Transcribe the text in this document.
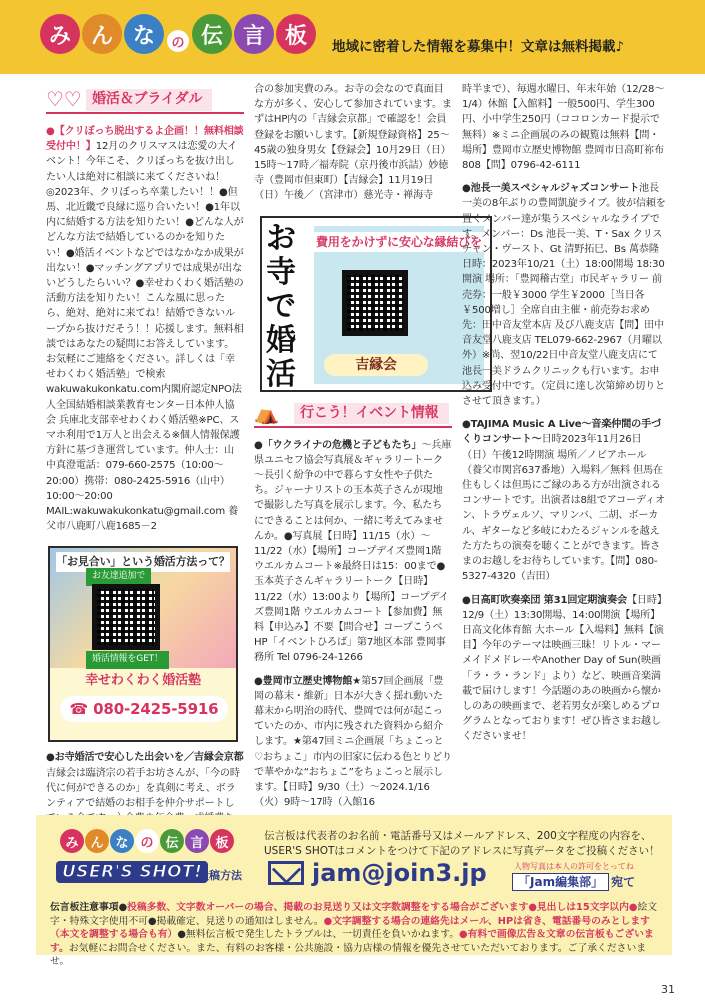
み ん な	の 伝 言 板	地域に密着した情報を募集中！文章は無料掲載♪
♡♡ 婚活＆ブライダル

●【クリぼっち脱出するよ企画！！無料相談受付中！】12月のクリスマスは恋愛の大イベント！今年こそ、クリぼっちを抜け出したい人は絶対に相談に来てくださいね！◎2023年、クリぼっち卒業したい！！●但馬、北近畿で良縁に巡り合いたい！●1年以内に結婚する方法を知りたい！●どんな人がどんな方法で結婚しているのかを知りたい！●婚活イベントなどではなかなか成果が出ない！●マッチングアプリでは成果が出ないどうしたらいい？●幸せわくわく婚活塾の活動方法を知りたい！こんな風に思ったら、絶対、絶対に来てね！結婚できないループから抜けだそう！！応援します。無料相談ではあなたの疑問にお答えしています。お気軽にご連絡をください。詳しくは「幸せわくわく婚活塾」で検索wakuwakukonkatu.com内閣府認定NPO法人全国結婚相談業教育センター日本仲人協会 兵庫北支部幸せわくわく婚活塾※PC、スマホ利用で1万人と出会える※個人情報保護方針に基づき運営しています。仲人士：山中真澄電話：079-660-2575（10:00～20:00）携帯：080-2425-5916（山中）10:00～20:00 MAIL:wakuwakukonkatu@gmail.com 養父市八鹿町八鹿1685－2

「お見合い」という婚活方法って？
お友達追加で
婚活情報をGET！
幸せわくわく婚活塾
☎ 080-2425-5916

●お寺婚活で安心した出会いを／吉縁会京都 吉縁会は臨済宗の若手お坊さんが、「今の時代に何ができるのか」を真剣に考え、ボランティアで結婚のお相手を仲介サポートし

合の参加実費のみ。お寺の会なので真面目な方が多く、安心して参加されています。まずはHP内の「吉縁会京都」で確認を！会員登録をお願いします。【新規登録資格】25～45歳の独身男女【登録会】10月29日（日）15時～17時／福寿院（京丹後市浜詰）妙徳寺（豊岡市但東町）【吉縁会】11月19日（日）午後／（宮津市）慈光寺・禅海寺

お寺で婚活
費用をかけずに安心な縁結びを
吉縁会
⛺	行こう！イベント情報

●「ウクライナの危機と子どもたち」～兵庫県ユニセフ協会写真展＆ギャラリートーク～長引く紛争の中で暮らす女性や子供たち。ジャーナリストの玉本英子さんが現地で撮影した写真を展示します。今、私たちにできることは何か、一緒に考えてみませんか。●写真展【日時】11/15（水）～11/22（水）【場所】コープデイズ豊岡1階 ウエルカムコート※最終日は15：00まで●玉本英子さんギャラリートーク【日時】11/22（水）13:00より【場所】コープデイズ豊岡1階 ウエルカムコート【参加費】無料【申込み】不要【問合せ】コープこうべHP「イベントひろば」第7地区本部 豊岡事務所 Tel 0796-24-1266

●豊岡市立歴史博物館★第57回企画展「豊岡の幕末・維新」日本が大きく揺れ動いた幕末から明治の時代、豊岡では何が起こっていたのか、市内に残された資料から紹介します。★第47回ミニ企画展「ちょこっと♡おちょこ」市内の旧家に伝わる色とりどりで華やかな“おちょこ”をちょこっと展示します。【日時】9/30（土）～2024.1/16（火）9時～17時（入館16

時半まで）、毎週水曜日、年末年始（12/28～1/4）休館【入館料】一般500円、学生300円、小中学生250円（ココロンカード提示で無料）※ミニ企画展のみの観覧は無料【問・場所】豊岡市立歴史博物館 豊岡市日高町祢布808【問】0796-42-6111

●池長一美スペシャルジャズコンサート池長一美の8年ぶりの豊岡凱旋ライブ。彼が信頼を置くメンバー達が集うスペシャルなライブです。メンバー：Ds 池長一美、T・Sax クリスチャン・ヴースト、Gt 清野拓巳、Bs 萬恭隆 日時：2023年10/21（土）18:00開場 18:30開演 場所：「豊岡稽古堂」市民ギャラリー 前売券：一般￥3000 学生￥2000［当日各￥500増し］全席自由主催・前売券お求め先：田中音友堂本店 及び八鹿支店【問】田中音友堂八鹿支店 TEL079-662-2967（月曜以外）※尚、翌10/22日中音友堂八鹿支店にて池長一美ドラムクリニックも行います。お申込み受付中です。（定員に達し次第締め切りとさせて頂きます。）

●TAJIMA Music A Live～音楽仲間の手づくりコンサート～日時2023年11月26日（日）午後12時開演 場所／ノビアホール（養父市関宮637番地）入場料／無料 但馬在住もしくは但馬にご縁のある方が出演されるコンサートです。出演者は8組でアコーディオン、トラヴェルソ、マリンバ、二胡、ボーカル、ギターなど多岐にわたるジャンルを越えた方たちの演奏を聴くことができます。皆さまのお越しをお待ちしています。【問】080-5327-4320（吉田）

●日高町吹奏楽団 第31回定期演奏会【日時】12/9（土）13:30開場、14:00開演【場所】日高文化体育館 大ホール【入場料】無料【演目】今年のテーマは映画三昧！リトル・マーメイドメドレーやAnother Day of Sun(映画「ラ・ラ・ランド」より）など、映画音楽満載で届けします！今話題のあの映画から懐かしのあの映画まで、老若男女が楽しめるプログラムとなっております！ぜひ皆さまお越しくださいませ！

み ん な の 伝 言 板
USER'S SHOT!
投稿方法
伝言板は代表者のお名前・電話番号又はメールアドレス、200文字程度の内容を、USER'S SHOTはコメントをつけて下記のアドレスに写真データをご投稿ください！
jam@join3.jp	人物写真は本人の許可をとってね
「Jam編集部」 宛て
伝言板注意事項●投稿多数、文字数オーバーの場合、掲載のお見送り又は文字数調整をする場合がございます●見出しは15文字以内●絵文字・特殊文字使用不可●掲載確定、見送りの通知はしません。●文字調整する場合の連絡先はメール、HPは省き、電話番号のみとします（本文を調整する場合も有）●無料伝言板で発生したトラブルは、一切責任を負いかねます。●有料で画像広告＆文章の伝言板もございます。お気軽にお問合せください。また、有料のお客様・公共施設・協力店様の情報を優先させていただいております。ご了承くださいませ。
31
